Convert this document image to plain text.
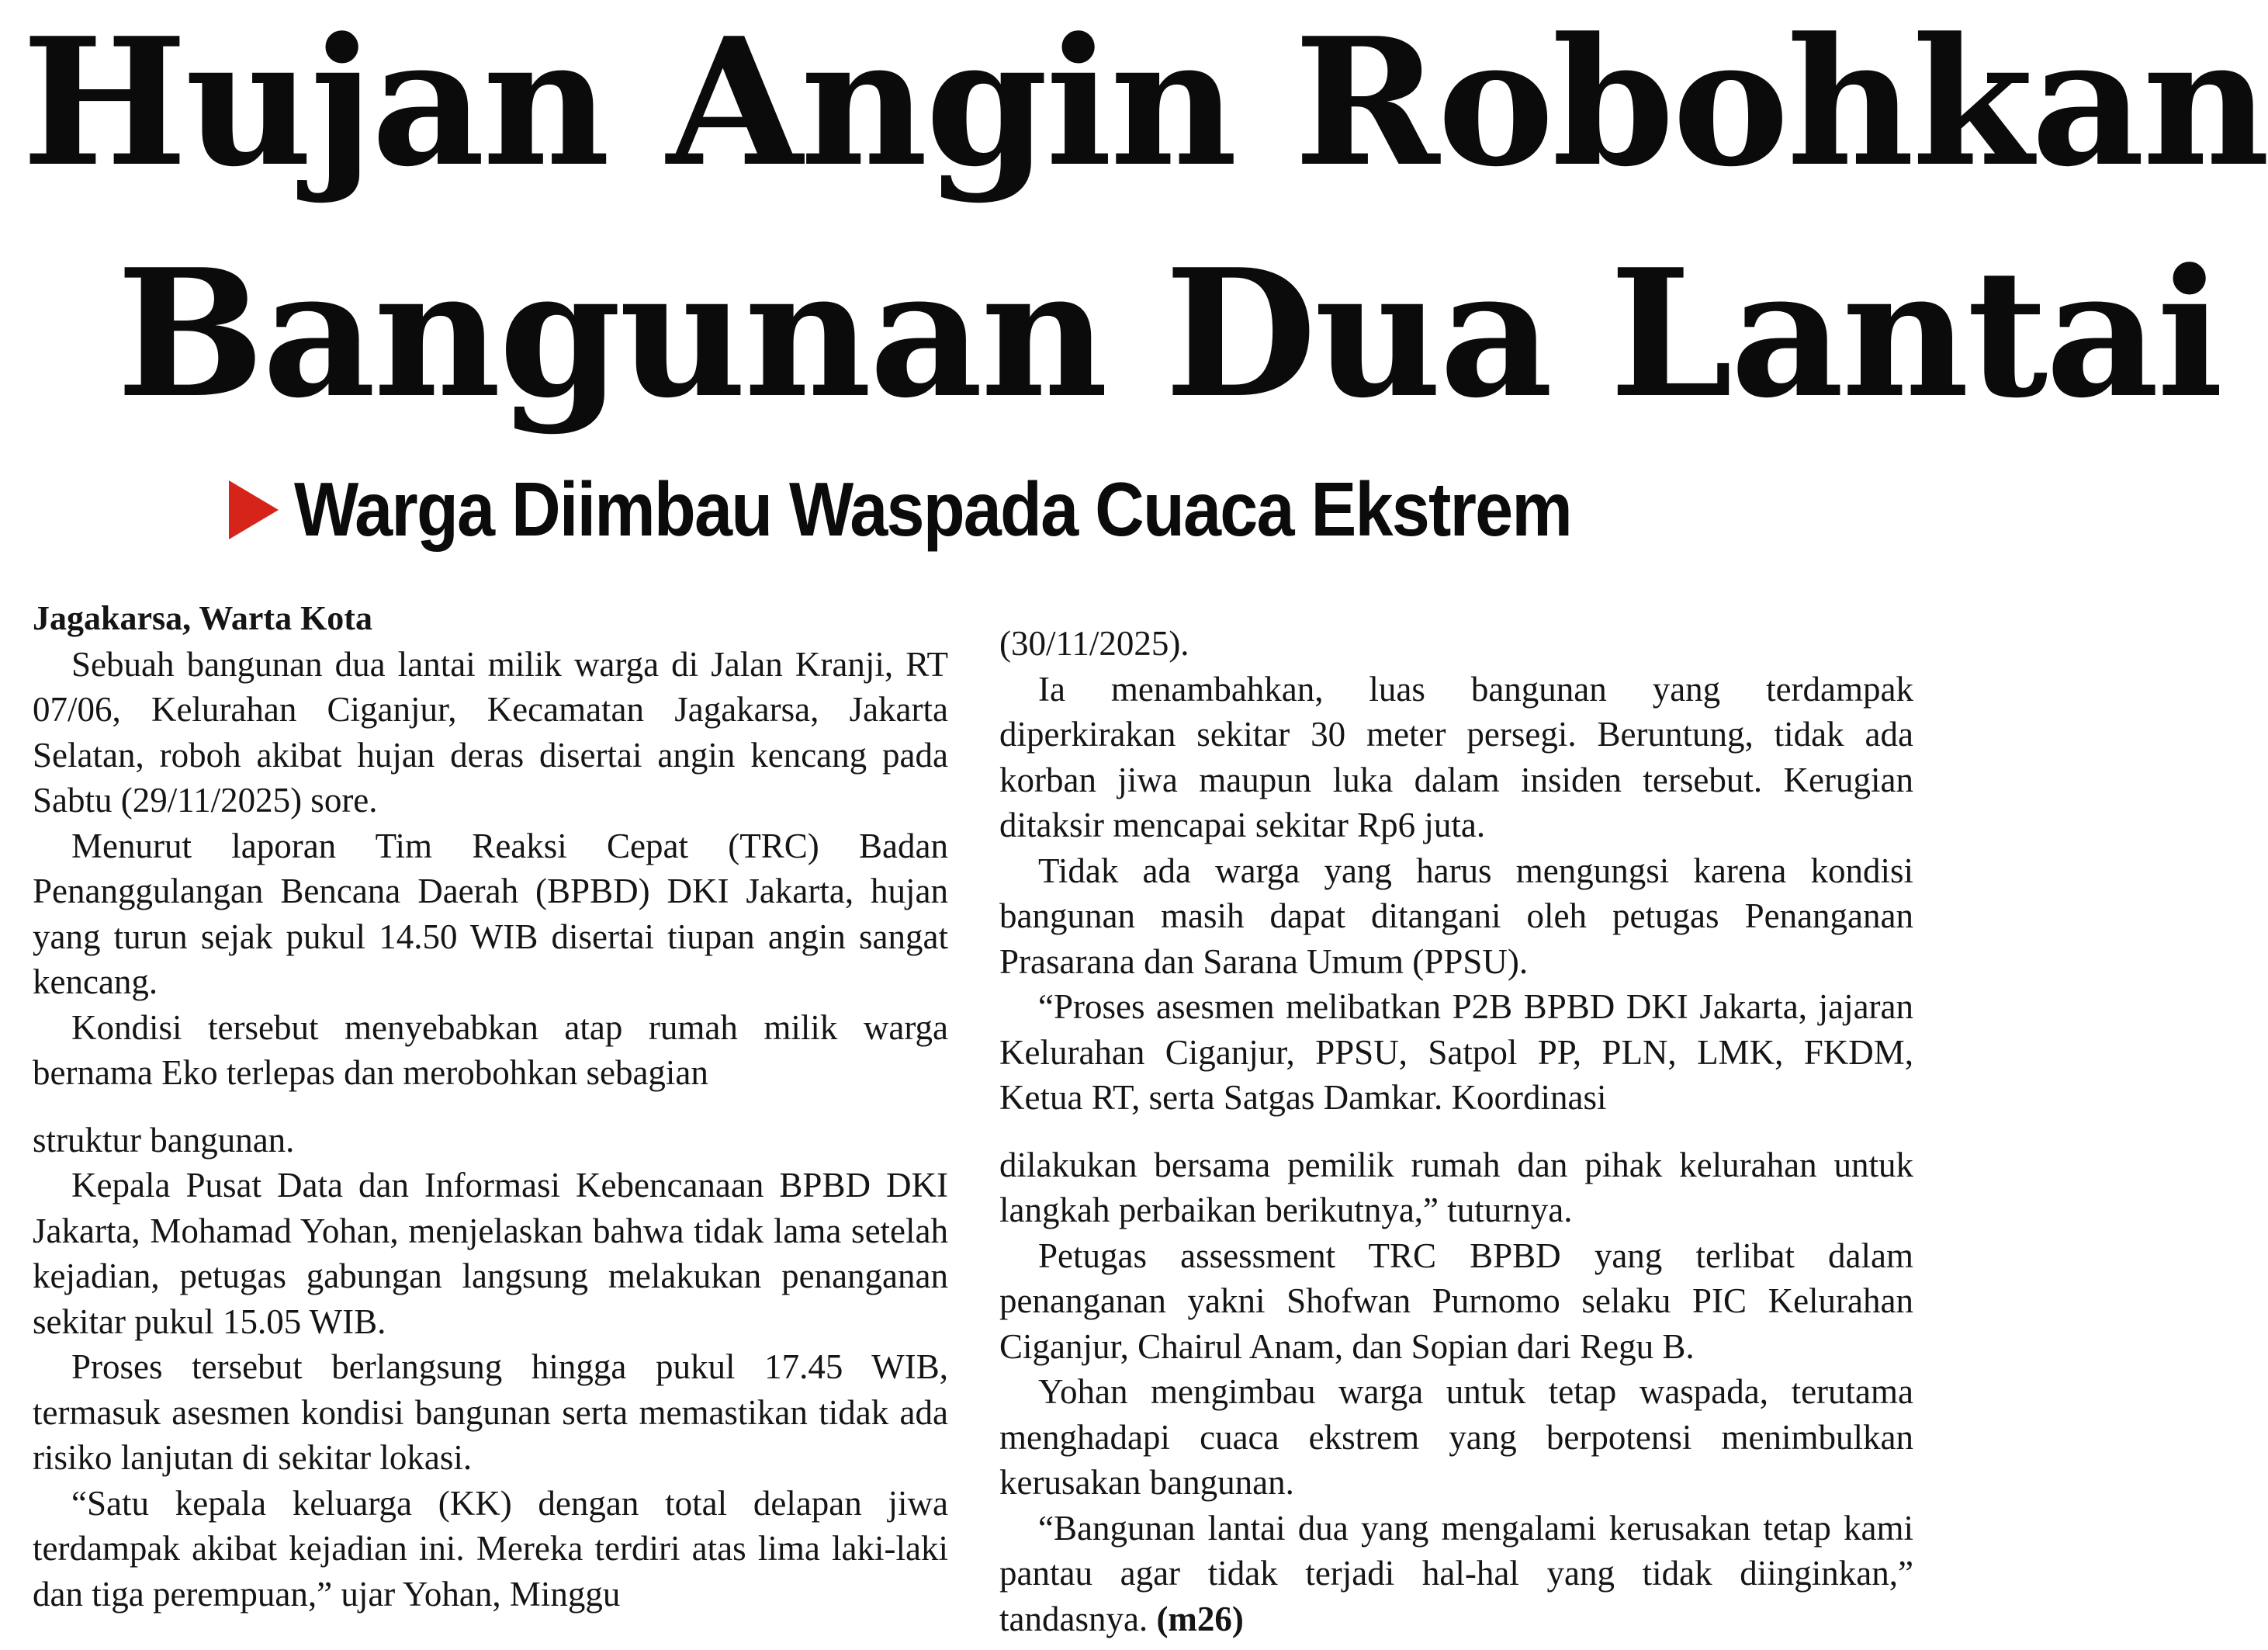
Hujan Angin Robohkan
Bangunan Dua Lantai
Warga Diimbau Waspada Cuaca Ekstrem

Jagakarsa, Warta Kota

Sebuah bangunan dua lantai milik warga di Jalan Kranji, RT 07/06, Kelurahan Ciganjur, Kecamatan Jagakarsa, Jakarta Selatan, roboh akibat hujan deras disertai angin kencang pada Sabtu (29/11/2025) sore.

Menurut laporan Tim Reaksi Cepat (TRC) Badan Penanggulangan Bencana Daerah (BPBD) DKI Jakarta, hujan yang turun sejak pukul 14.50 WIB disertai tiupan angin sangat kencang.

Kondisi tersebut menyebabkan atap rumah milik warga bernama Eko terlepas dan merobohkan sebagian

struktur bangunan.

Kepala Pusat Data dan Informasi Kebencanaan BPBD DKI Jakarta, Mohamad Yohan, menjelaskan bahwa tidak lama setelah kejadian, petugas gabungan langsung melakukan penanganan sekitar pukul 15.05 WIB.

Proses tersebut berlangsung hingga pukul 17.45 WIB, termasuk asesmen kondisi bangunan serta memastikan tidak ada risiko lanjutan di sekitar lokasi.

“Satu kepala keluarga (KK) dengan total delapan jiwa terdampak akibat kejadian ini. Mereka terdiri atas lima laki-laki dan tiga perempuan,” ujar Yohan, Minggu

(30/11/2025).

Ia menambahkan, luas bangunan yang terdampak diperkirakan sekitar 30 meter persegi. Beruntung, tidak ada korban jiwa maupun luka dalam insiden tersebut. Kerugian ditaksir mencapai sekitar Rp6 juta.

Tidak ada warga yang harus mengungsi karena kondisi bangunan masih dapat ditangani oleh petugas Penanganan Prasarana dan Sarana Umum (PPSU).

“Proses asesmen melibatkan P2B BPBD DKI Jakarta, jajaran Kelurahan Ciganjur, PPSU, Satpol PP, PLN, LMK, FKDM, Ketua RT, serta Satgas Damkar. Koordinasi

dilakukan bersama pemilik rumah dan pihak kelurahan untuk langkah perbaikan berikutnya,” tuturnya.

Petugas assessment TRC BPBD yang terlibat dalam penanganan yakni Shofwan Purnomo selaku PIC Kelurahan Ciganjur, Chairul Anam, dan Sopian dari Regu B.

Yohan mengimbau warga untuk tetap waspada, terutama menghadapi cuaca ekstrem yang berpotensi menimbulkan kerusakan bangunan.

“Bangunan lantai dua yang mengalami kerusakan tetap kami pantau agar tidak terjadi hal-hal yang tidak diinginkan,” tandasnya. (m26)
